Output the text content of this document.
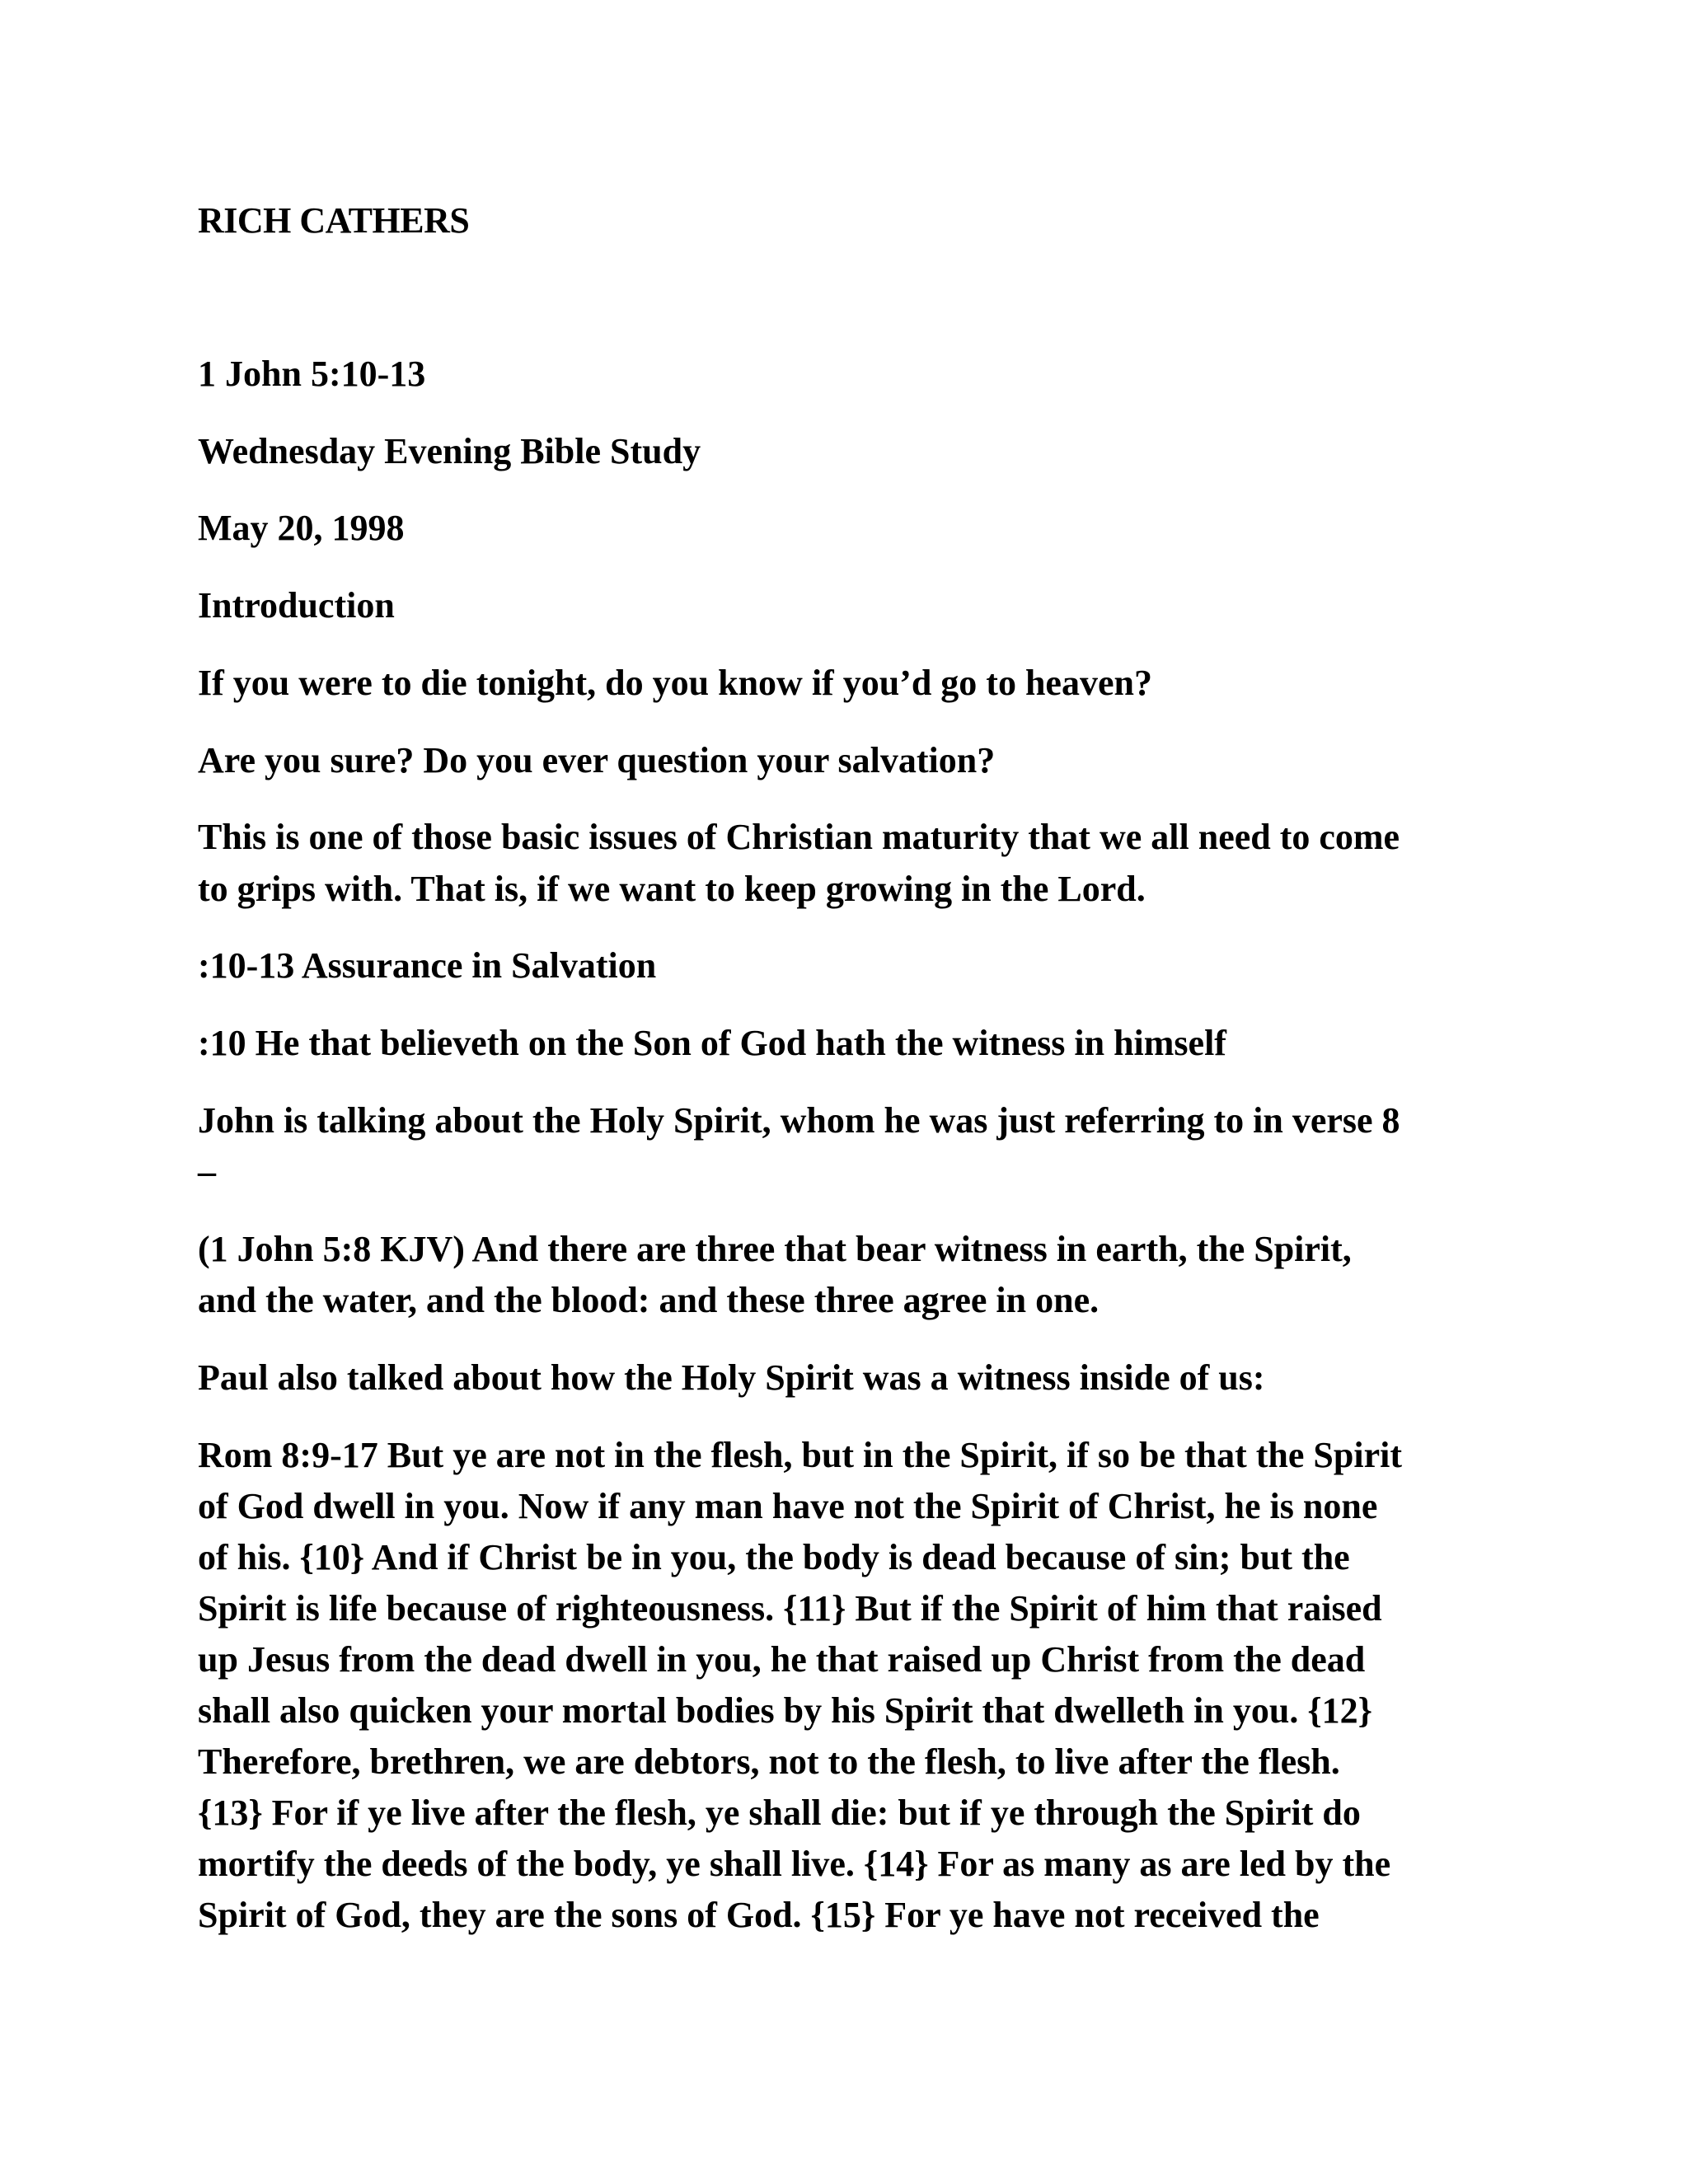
RICH CATHERS

1 John 5:10-13

Wednesday Evening Bible Study

May 20, 1998

Introduction

If you were to die tonight, do you know if you’d go to heaven?

Are you sure? Do you ever question your salvation?

This is one of those basic issues of Christian maturity that we all need to come

to grips with. That is, if we want to keep growing in the Lord.

:10-13 Assurance in Salvation

:10 He that believeth on the Son of God hath the witness in himself

John is talking about the Holy Spirit, whom he was just referring to in verse 8

–

(1 John 5:8 KJV) And there are three that bear witness in earth, the Spirit,

and the water, and the blood: and these three agree in one.

Paul also talked about how the Holy Spirit was a witness inside of us:

Rom 8:9-17 But ye are not in the flesh, but in the Spirit, if so be that the Spirit

of God dwell in you. Now if any man have not the Spirit of Christ, he is none

of his. {10} And if Christ be in you, the body is dead because of sin; but the

Spirit is life because of righteousness. {11} But if the Spirit of him that raised

up Jesus from the dead dwell in you, he that raised up Christ from the dead

shall also quicken your mortal bodies by his Spirit that dwelleth in you. {12}

Therefore, brethren, we are debtors, not to the flesh, to live after the flesh.

{13} For if ye live after the flesh, ye shall die: but if ye through the Spirit do

mortify the deeds of the body, ye shall live. {14} For as many as are led by the

Spirit of God, they are the sons of God. {15} For ye have not received the
